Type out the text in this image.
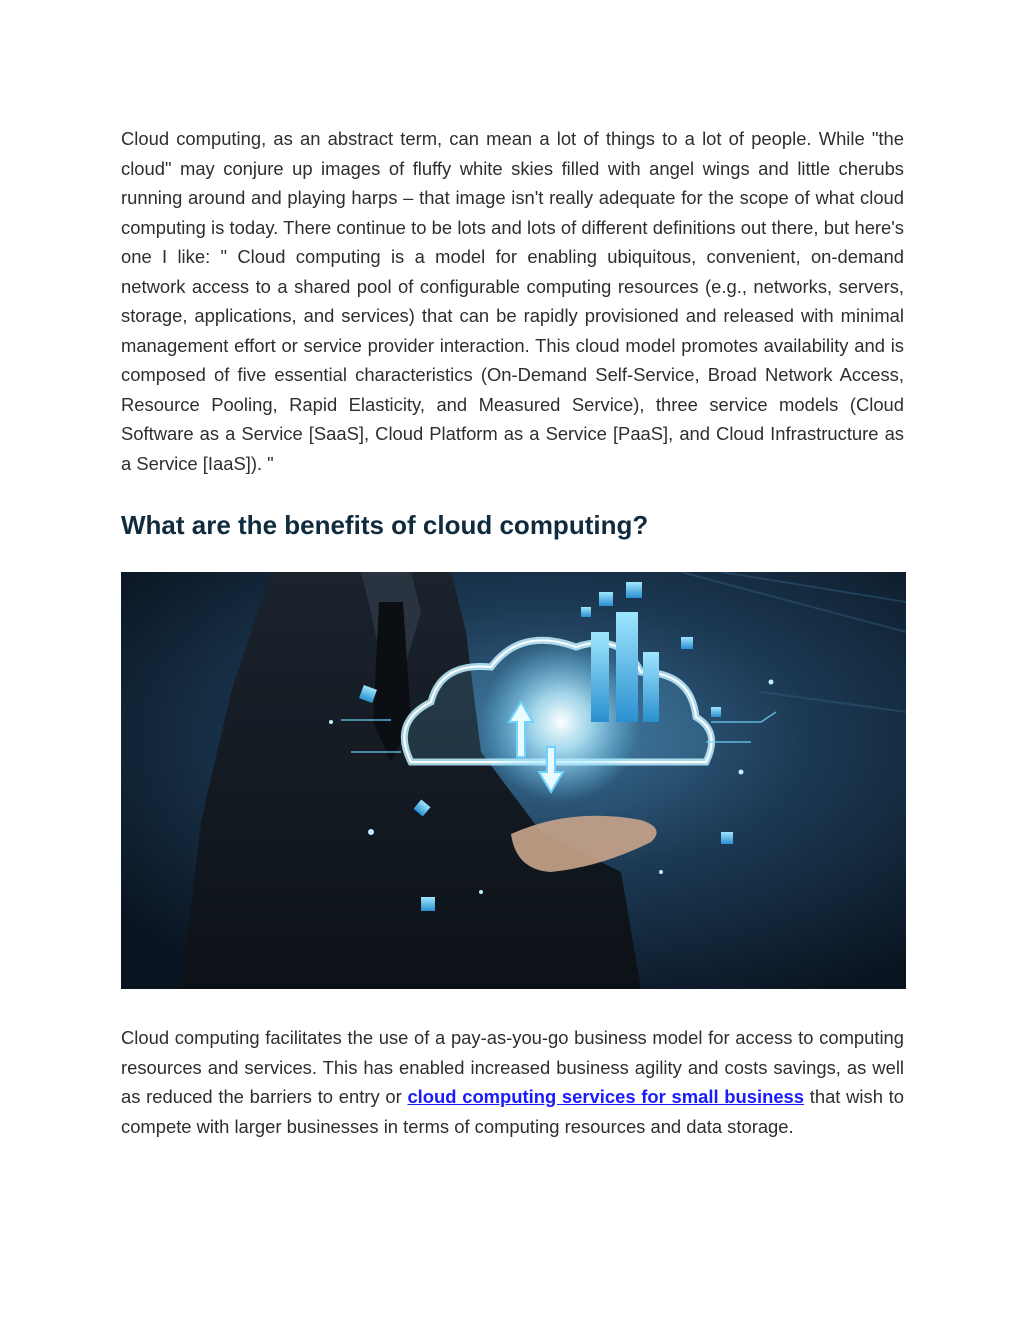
Cloud computing, as an abstract term, can mean a lot of things to a lot of people. While "the cloud" may conjure up images of fluffy white skies filled with angel wings and little cherubs running around and playing harps – that image isn't really adequate for the scope of what cloud computing is today. There continue to be lots and lots of different definitions out there, but here's one I like: " Cloud computing is a model for enabling ubiquitous, convenient, on-demand network access to a shared pool of configurable computing resources (e.g., networks, servers, storage, applications, and services) that can be rapidly provisioned and released with minimal management effort or service provider interaction. This cloud model promotes availability and is composed of five essential characteristics (On-Demand Self-Service, Broad Network Access, Resource Pooling, Rapid Elasticity, and Measured Service), three service models (Cloud Software as a Service [SaaS], Cloud Platform as a Service [PaaS], and Cloud Infrastructure as a Service [IaaS]). "

What are the benefits of cloud computing?

Cloud computing facilitates the use of a pay-as-you-go business model for access to computing resources and services. This has enabled increased business agility and costs savings, as well as reduced the barriers to entry or cloud computing services for small business that wish to compete with larger businesses in terms of computing resources and data storage.
